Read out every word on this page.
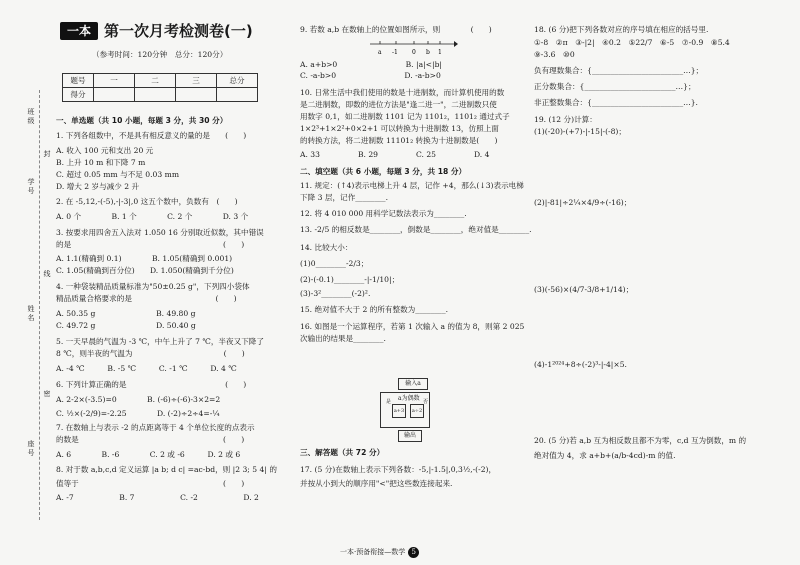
班级
学号
姓名
座号
封
线
密
一本 第一次月考检测卷(一)
（参考时间：120分钟　总分：120分）
题号	一	二	三	总分
得分				
一、单选题（共 10 小题，每题 3 分，共 30 分）
1. 下列各组数中，不是具有相反意义的量的是　　(　　)
A. 收入 100 元和支出 20 元
B. 上升 10 m 和下降 7 m
C. 超过 0.05 mm 与不足 0.03 mm
D. 增大 2 岁与减少 2 升
2. 在 -5,12,-(-5),-|-3|,0 这五个数中，负数有　(　　)
A. 0 个　　　　B. 1 个　　　　C. 2 个　　　　D. 3 个
3. 按要求用四舍五入法对 1.050 16 分别取近似数，其中错误
的是　　　　　　　　　　　　　　　　　　　　(　　)
A. 1.1(精确到 0.1)　　　　B. 1.05(精确到 0.001)
C. 1.05(精确到百分位)　　D. 1.050(精确到千分位)
4. 一种袋装精品质量标准为"50±0.25 g"，下列四小袋体
精品质量合格要求的是　　　　　　　　　　　(　　)
A. 50.35 g　　　　　　　　B. 49.80 g
C. 49.72 g　　　　　　　　D. 50.40 g
5. 一天早晨的气温为 -3 ℃，中午上升了 7 ℃，半夜又下降了
8 ℃，则半夜的气温为　　　　　　　　　　　　(　　)
A. -4 ℃　　　B. -5 ℃　　　C. -1 ℃　　　D. 4 ℃
6. 下列计算正确的是　　　　　　　　　　　　　(　　)
A. 2-2×(-3.5)=0　　　　B. (-6)÷(-6)-3×2=2
C. ½×(-2/9)=-2.25　　　　D. (-2)÷2÷4=-¼
7. 在数轴上与表示 -2 的点距离等于 4 个单位长度的点表示
的数是　　　　　　　　　　　　　　　　　　　(　　)
A. 6　　　　B. -6　　　　C. 2 或 -6　　　D. 2 或 6
8. 对于数 a,b,c,d 定义运算 |a b; d c| =ac-bd，则 |2 3; 5 4| 的
值等于　　　　　　　　　　　　　　　　　　　(　　)
A. -7　　　　　　B. 7　　　　　　C. -2　　　　　　D. 2
9. 若数 a,b 在数轴上的位置如图所示，则　　　　(　　)
A. a+b>0　　　　　　　　　B. |a|<|b|
C. -a-b>0　　　　　　　　　D. -a-b>0
10. 日常生活中我们使用的数是十进制数，而计算机使用的数
是二进制数，即数的进位方法是"逢二进一"，二进制数只使
用数字 0,1，如二进制数 1101 记为 1101₂，1101₂ 通过式子
1×2³+1×2²+0×2+1 可以转换为十进制数 13，仿照上面
的转换方法，将二进制数 11101₂ 转换为十进制数是(　　)
A. 33　　　　　B. 29　　　　　C. 25　　　　　D. 4
二、填空题（共 6 小题，每题 3 分，共 18 分）
11. 规定：(↑4)表示电梯上升 4 层，记作 +4，那么(↓3)表示电梯
下降 3 层，记作________.
12. 将 4 010 000 用科学记数法表示为________.
13. -2/5 的相反数是________，倒数是________，绝对值是________.
14. 比较大小：
(1)0________-2/3；
(2)-(-0.1)________-|-1/10|；
(3)-3²________(-2)².
15. 绝对值不大于 2 的所有整数为________.
16. 如图是一个运算程序，若第 1 次输入 a 的值为 8，则第 2 025
次输出的结果是________.
三、解答题（共 72 分）
17. (5 分)在数轴上表示下列各数：-5,|-1.5|,0,3½,-(-2)，
并按从小到大的顺序用"<"把这些数连接起来.
a -1 0 b 1
输入a
a为偶数
a+3	a÷2
是	否
输出
18. (6 分)把下列各数对应的序号填在相应的括号里.
①-8　②π　③-|2|　④0.2　⑤22/7　⑥-5　⑦-0.9　⑧5.4
⑨-3.6　⑩0
负有理数集合：{________________________…}；
正分数集合：{________________________…}；
非正整数集合：{________________________…}.
19. (12 分)计算：
(1)(-20)-(+7)-|-15|-(-8)；
(2)|-81|÷2¼×4/9÷(-16)；
(3)(-56)×(4/7-3/8+1/14)；
(4)-1²⁰²⁴+8÷(-2)³-|-4|×5.
20. (5 分)若 a,b 互为相反数且都不为零，c,d 互为倒数，m 的
绝对值为 4，求 a+b+(a/b-4cd)-m 的值.
一本·预备衔接—数学 5
